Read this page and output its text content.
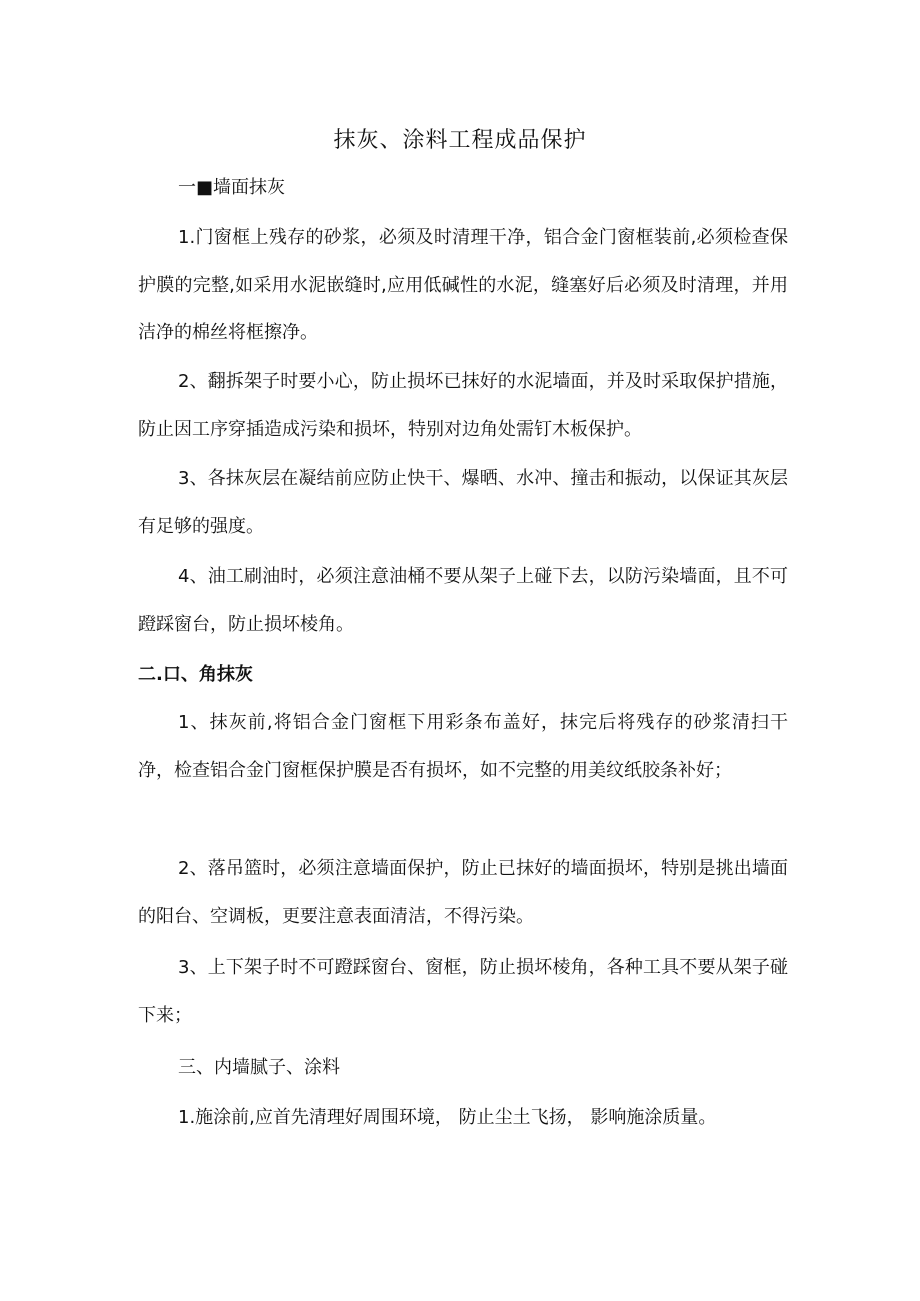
抹灰、涂料工程成品保护
一■墙面抹灰

1.门窗框上残存的砂浆，必须及时清理干净，铝合金门窗框装前,必须检查保护膜的完整,如采用水泥嵌缝时,应用低碱性的水泥，缝塞好后必须及时清理，并用洁净的棉丝将框擦净。

2、翻拆架子时要小心，防止损坏已抹好的水泥墙面，并及时采取保护措施，防止因工序穿插造成污染和损坏，特别对边角处需钉木板保护。

3、各抹灰层在凝结前应防止快干、爆晒、水冲、撞击和振动，以保证其灰层有足够的强度。

4、油工刷油时，必须注意油桶不要从架子上碰下去，以防污染墙面，且不可蹬踩窗台，防止损坏棱角。

二.口、角抹灰

1、抹灰前,将铝合金门窗框下用彩条布盖好，抹完后将残存的砂浆清扫干净，检查铝合金门窗框保护膜是否有损坏，如不完整的用美纹纸胶条补好；

2、落吊篮时，必须注意墙面保护，防止已抹好的墙面损坏，特别是挑出墙面的阳台、空调板，更要注意表面清洁，不得污染。

3、上下架子时不可蹬踩窗台、窗框，防止损坏棱角，各种工具不要从架子碰下来；

三、内墙腻子、涂料

1.施涂前,应首先清理好周围环境， 防止尘土飞扬， 影响施涂质量。
